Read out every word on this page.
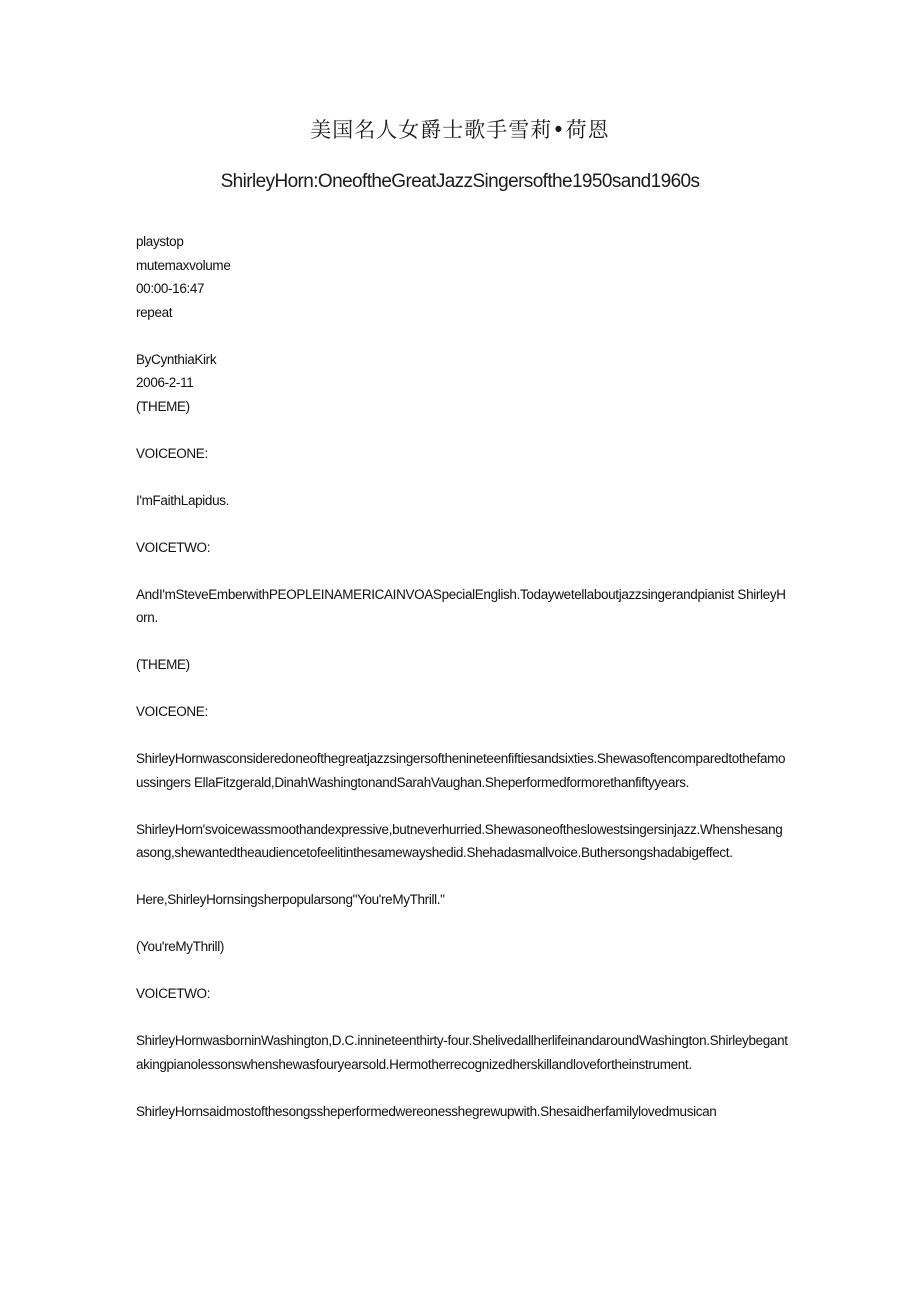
美国名人女爵士歌手雪莉•荷恩
ShirleyHorn:OneoftheGreatJazzSingersofthe1950sand1960s
playstop
mutemaxvolume
00:00-16:47
repeat
ByCynthiaKirk
2006-2-11
(THEME)

VOICEONE:

I'mFaithLapidus.

VOICETWO:

AndI'mSteveEmberwithPEOPLEINAMERICAINVOASpecialEnglish.Todaywetellaboutjazzsingerandpianist ShirleyHorn.

(THEME)

VOICEONE:

ShirleyHornwasconsideredoneofthegreatjazzsingersofthenineteenfiftiesandsixties.Shewasoftencomparedtothefamoussingers EllaFitzgerald,DinahWashingtonandSarahVaughan.Sheperformedformorethanfiftyyears.

ShirleyHorn'svoicewassmoothandexpressive,butneverhurried.Shewasoneoftheslowestsingersinjazz.Whenshesangasong,shewantedtheaudiencetofeelitinthesamewayshedid.Shehadasmallvoice.Buthersongshadabigeffect.

Here,ShirleyHornsingsherpopularsong"You'reMyThrill."

(You'reMyThrill)

VOICETWO:

ShirleyHornwasborninWashington,D.C.innineteenthirty-four.ShelivedallherlifeinandaroundWashington.Shirleybegantakingpianolessonswhenshewasfouryearsold.Hermotherrecognizedherskillandlovefortheinstrument.

ShirleyHornsaidmostofthesongssheperformedwereonesshegrewupwith.Shesaidherfamilylovedmusican
